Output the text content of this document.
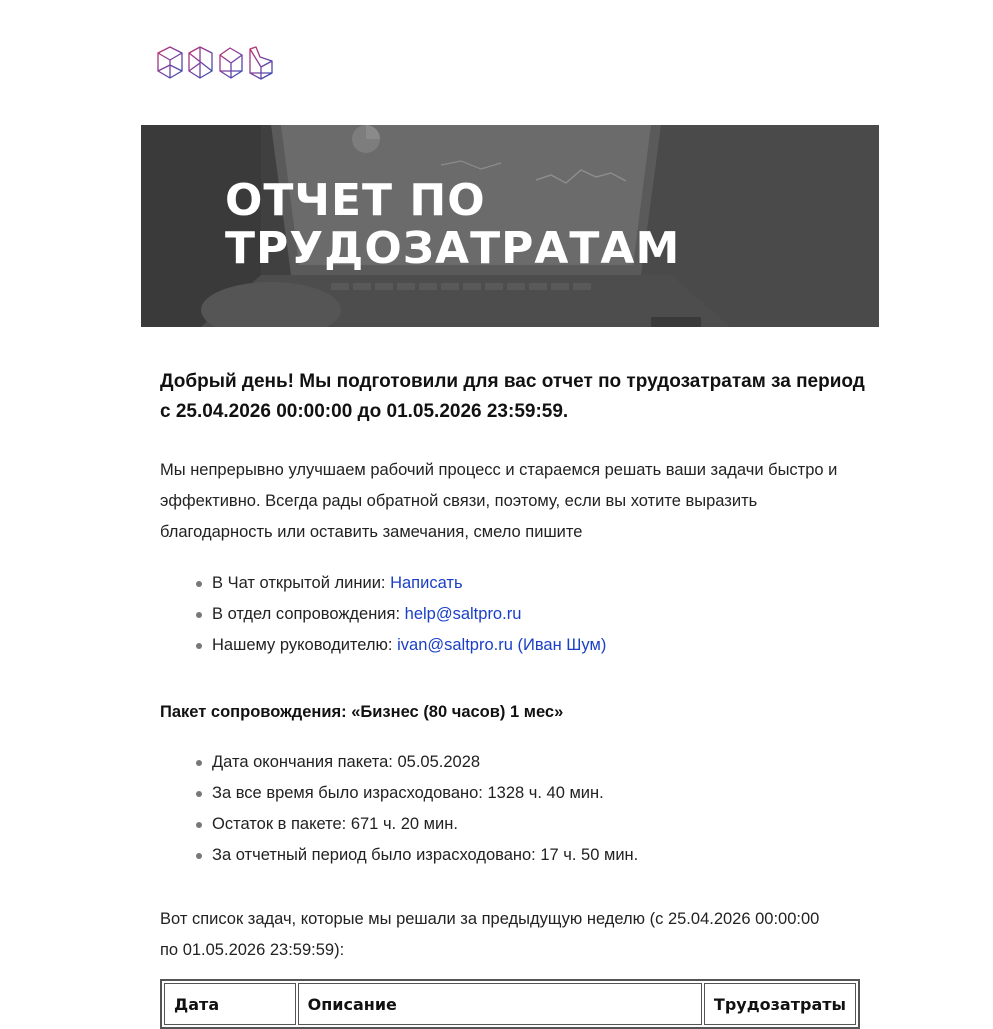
ОТЧЕТ ПО
ТРУДОЗАТРАТАМ

Добрый день! Мы подготовили для вас отчет по трудозатратам за период с 25.04.2026 00:00:00 до 01.05.2026 23:59:59.

Мы непрерывно улучшаем рабочий процесс и стараемся решать ваши задачи быстро и эффективно. Всегда рады обратной связи, поэтому, если вы хотите выразить благодарность или оставить замечания, смело пишите

В Чат открытой линии: Написать
В отдел сопровождения: help@saltpro.ru
Нашему руководителю: ivan@saltpro.ru (Иван Шум)

Пакет сопровождения: «Бизнес (80 часов) 1 мес»

Дата окончания пакета: 05.05.2028
За все время было израсходовано: 1328 ч. 40 мин.
Остаток в пакете: 671 ч. 20 мин.
За отчетный период было израсходовано: 17 ч. 50 мин.

Вот список задач, которые мы решали за предыдущую неделю (с 25.04.2026 00:00:00 по 01.05.2026 23:59:59):

Дата	Описание	Трудозатраты
